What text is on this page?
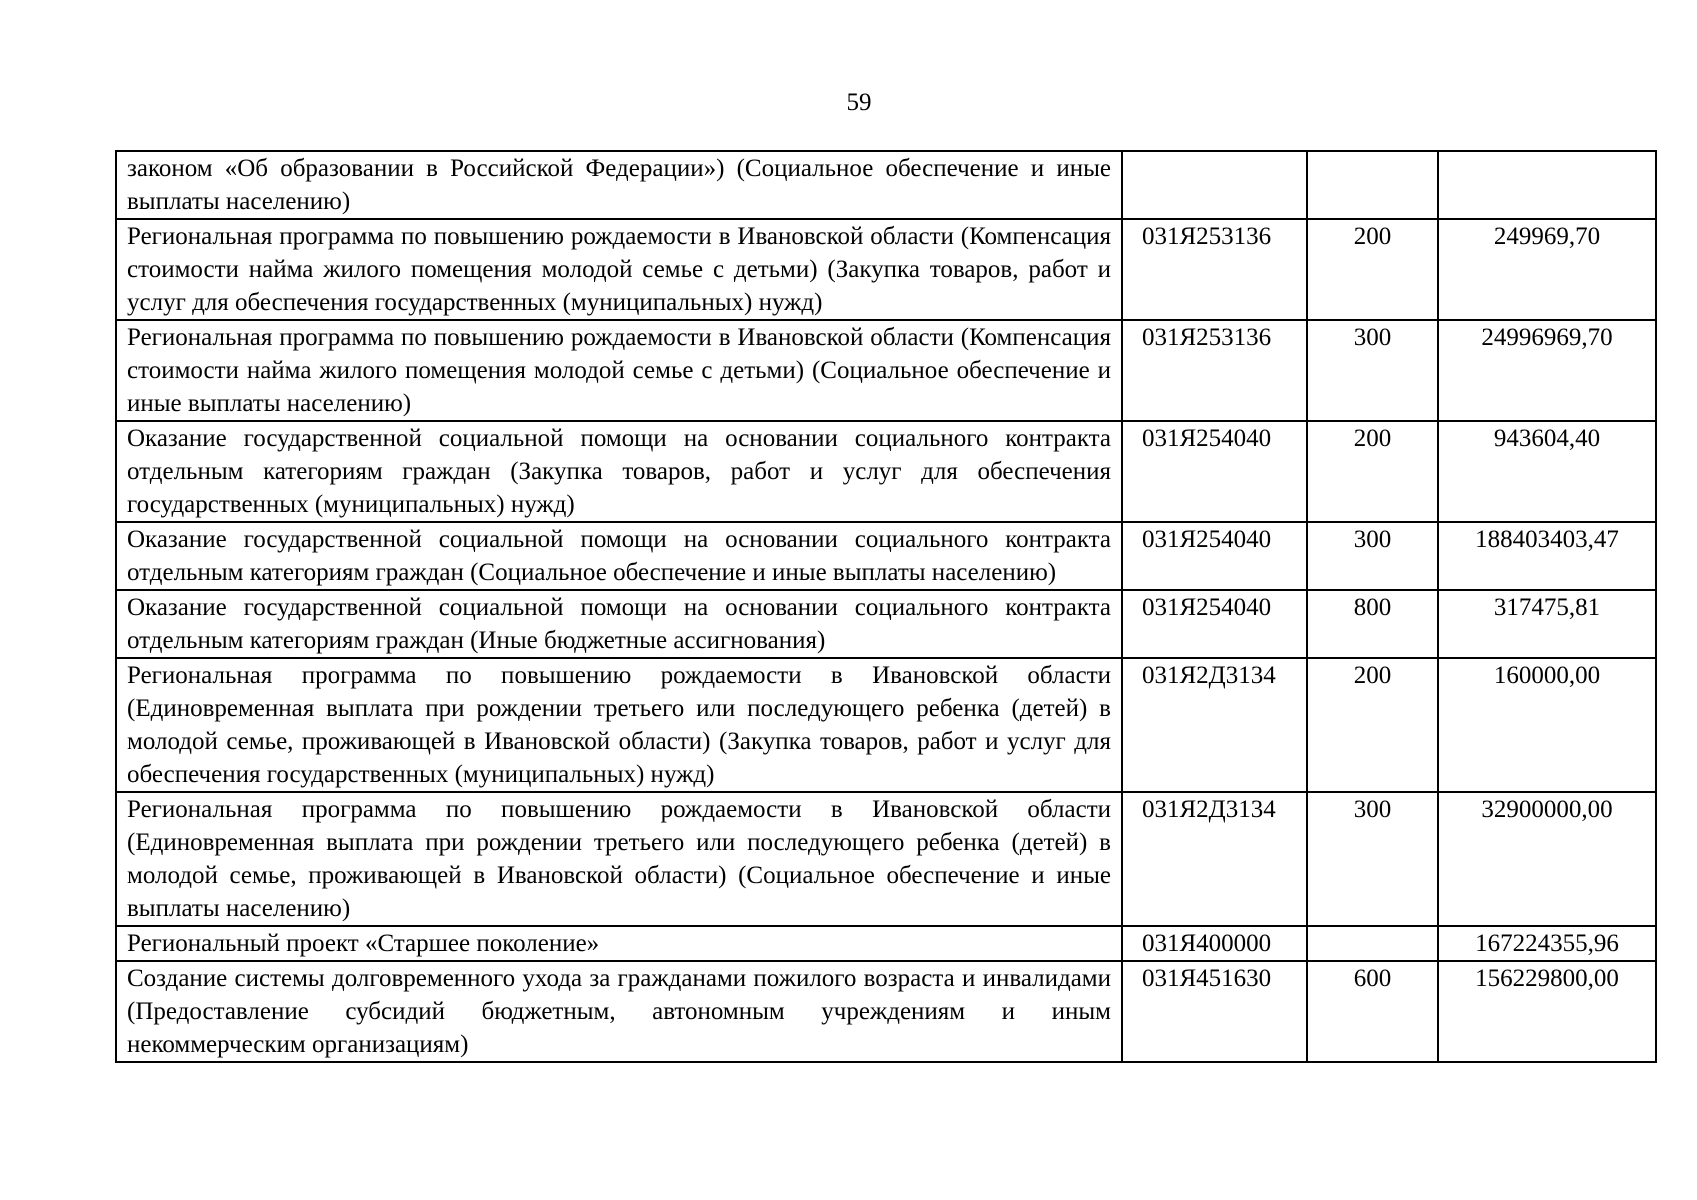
59
законом «Об образовании в Российской Федерации») (Социальное обеспечение и иные выплаты населению)			
Региональная программа по повышению рождаемости в Ивановской области (Компенсация стоимости найма жилого помещения молодой семье с детьми) (Закупка товаров, работ и услуг для обеспечения государственных (муниципальных) нужд)	031Я253136	200	249969,70
Региональная программа по повышению рождаемости в Ивановской области (Компенсация стоимости найма жилого помещения молодой семье с детьми) (Социальное обеспечение и иные выплаты населению)	031Я253136	300	24996969,70
Оказание государственной социальной помощи на основании социального контракта отдельным категориям граждан (Закупка товаров, работ и услуг для обеспечения государственных (муниципальных) нужд)	031Я254040	200	943604,40
Оказание государственной социальной помощи на основании социального контракта отдельным категориям граждан (Социальное обеспечение и иные выплаты населению)	031Я254040	300	188403403,47
Оказание государственной социальной помощи на основании социального контракта отдельным категориям граждан (Иные бюджетные ассигнования)	031Я254040	800	317475,81
Региональная программа по повышению рождаемости в Ивановской области (Единовременная выплата при рождении третьего или последующего ребенка (детей) в молодой семье, проживающей в Ивановской области) (Закупка товаров, работ и услуг для обеспечения государственных (муниципальных) нужд)	031Я2Д3134	200	160000,00
Региональная программа по повышению рождаемости в Ивановской области (Единовременная выплата при рождении третьего или последующего ребенка (детей) в молодой семье, проживающей в Ивановской области) (Социальное обеспечение и иные выплаты населению)	031Я2Д3134	300	32900000,00
Региональный проект «Старшее поколение»	031Я400000		167224355,96
Создание системы долговременного ухода за гражданами пожилого возраста и инвалидами (Предоставление субсидий бюджетным, автономным учреждениям и иным некоммерческим организациям)	031Я451630	600	156229800,00
